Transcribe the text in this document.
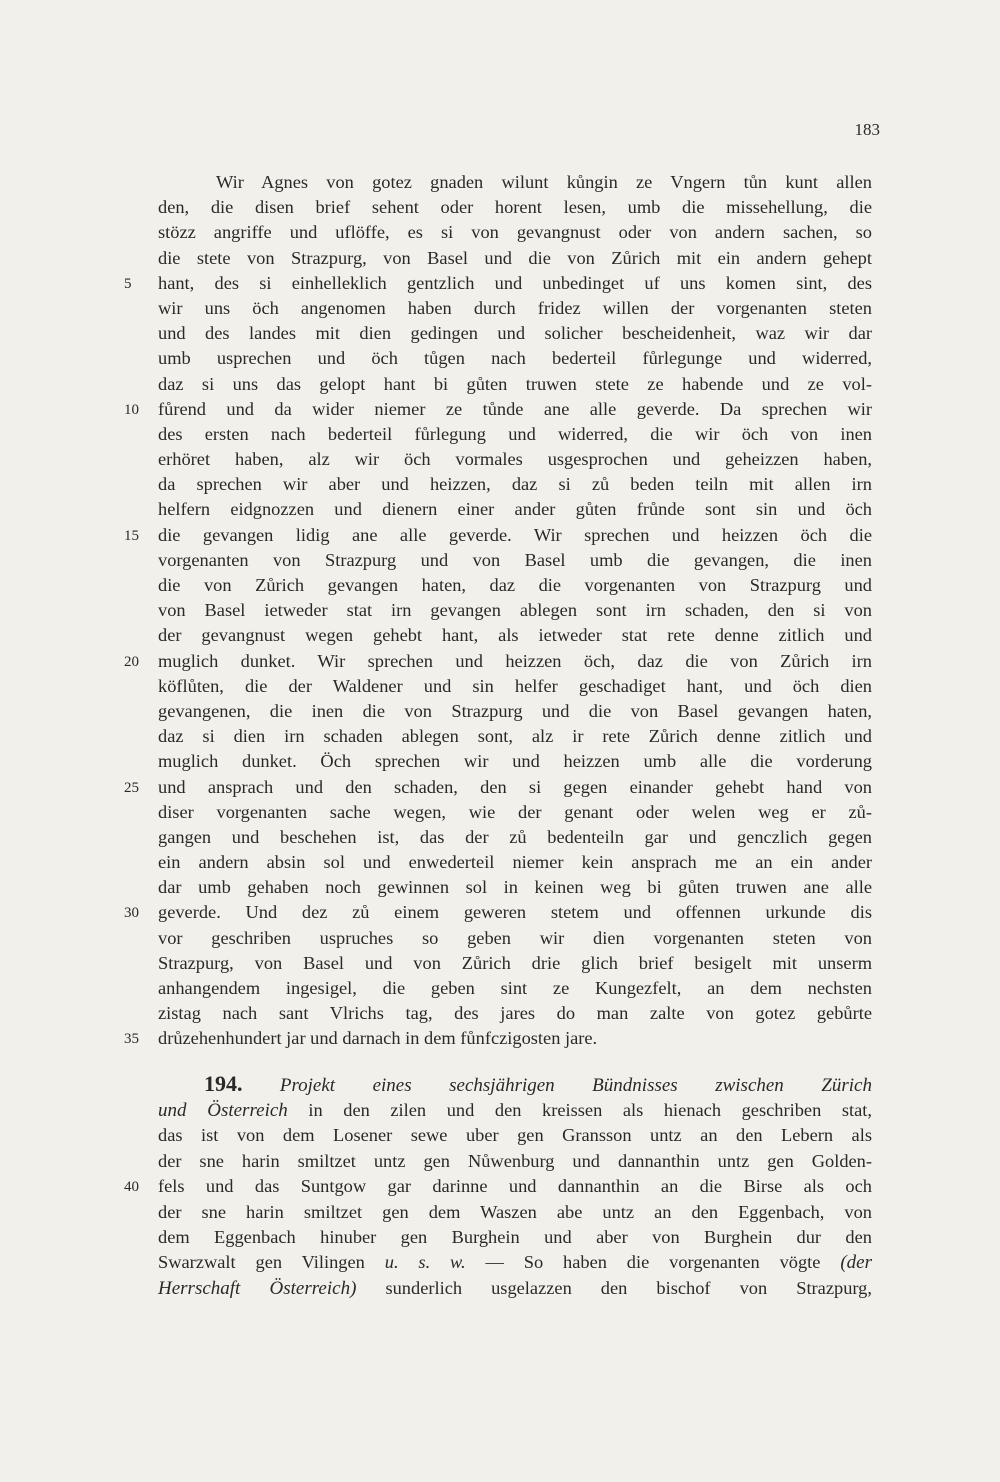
183
Wir Agnes von gotez gnaden wilunt kůngin ze Vngern tůn kunt allen
den, die disen brief sehent oder horent lesen, umb die missehellung, die
stözz angriffe und uflöffe, es si von gevangnust oder von andern sachen, so
die stete von Strazpurg, von Basel und die von Zůrich mit ein andern gehept
5	hant, des si einhelleklich gentzlich und unbedinget uf uns komen sint, des
wir uns öch angenomen haben durch fridez willen der vorgenanten steten
und des landes mit dien gedingen und solicher bescheidenheit, waz wir dar
umb usprechen und öch tůgen nach bederteil fůrlegunge und widerred,
daz si uns das gelopt hant bi gůten truwen stete ze habende und ze vol-
10	fůrend und da wider niemer ze tůnde ane alle geverde. Da sprechen wir
des ersten nach bederteil fůrlegung und widerred, die wir öch von inen
erhöret haben, alz wir öch vormales usgesprochen und geheizzen haben,
da sprechen wir aber und heizzen, daz si zů beden teiln mit allen irn
helfern eidgnozzen und dienern einer ander gůten frůnde sont sin und öch
15	die gevangen lidig ane alle geverde. Wir sprechen und heizzen öch die
vorgenanten von Strazpurg und von Basel umb die gevangen, die inen
die von Zůrich gevangen haten, daz die vorgenanten von Strazpurg und
von Basel ietweder stat irn gevangen ablegen sont irn schaden, den si von
der gevangnust wegen gehebt hant, als ietweder stat rete denne zitlich und
20	muglich dunket. Wir sprechen und heizzen öch, daz die von Zůrich irn
köflůten, die der Waldener und sin helfer geschadiget hant, und öch dien
gevangenen, die inen die von Strazpurg und die von Basel gevangen haten,
daz si dien irn schaden ablegen sont, alz ir rete Zůrich denne zitlich und
muglich dunket. Öch sprechen wir und heizzen umb alle die vorderung
25	und ansprach und den schaden, den si gegen einander gehebt hand von
diser vorgenanten sache wegen, wie der genant oder welen weg er zů-
gangen und beschehen ist, das der zů bedenteiln gar und genczlich gegen
ein andern absin sol und enwederteil niemer kein ansprach me an ein ander
dar umb gehaben noch gewinnen sol in keinen weg bi gůten truwen ane alle
30	geverde. Und dez zů einem geweren stetem und offennen urkunde dis
vor geschriben uspruches so geben wir dien vorgenanten steten von
Strazpurg, von Basel und von Zůrich drie glich brief besigelt mit unserm
anhangendem ingesigel, die geben sint ze Kungezfelt, an dem nechsten
zistag nach sant Vlrichs tag, des jares do man zalte von gotez gebůrte
35	drůzehenhundert jar und darnach in dem fůnfczigosten jare.
194. Projekt eines sechsjährigen Bündnisses zwischen Zürich
und Österreich in den zilen und den kreissen als hienach geschriben stat,
das ist von dem Losener sewe uber gen Gransson untz an den Lebern als
der sne harin smiltzet untz gen Nůwenburg und dannanthin untz gen Golden-
40	fels und das Suntgow gar darinne und dannanthin an die Birse als och
der sne harin smiltzet gen dem Waszen abe untz an den Eggenbach, von
dem Eggenbach hinuber gen Burghein und aber von Burghein dur den
Swarzwalt gen Vilingen u. s. w. — So haben die vorgenanten vögte (der
Herrschaft Österreich) sunderlich usgelazzen den bischof von Strazpurg,
